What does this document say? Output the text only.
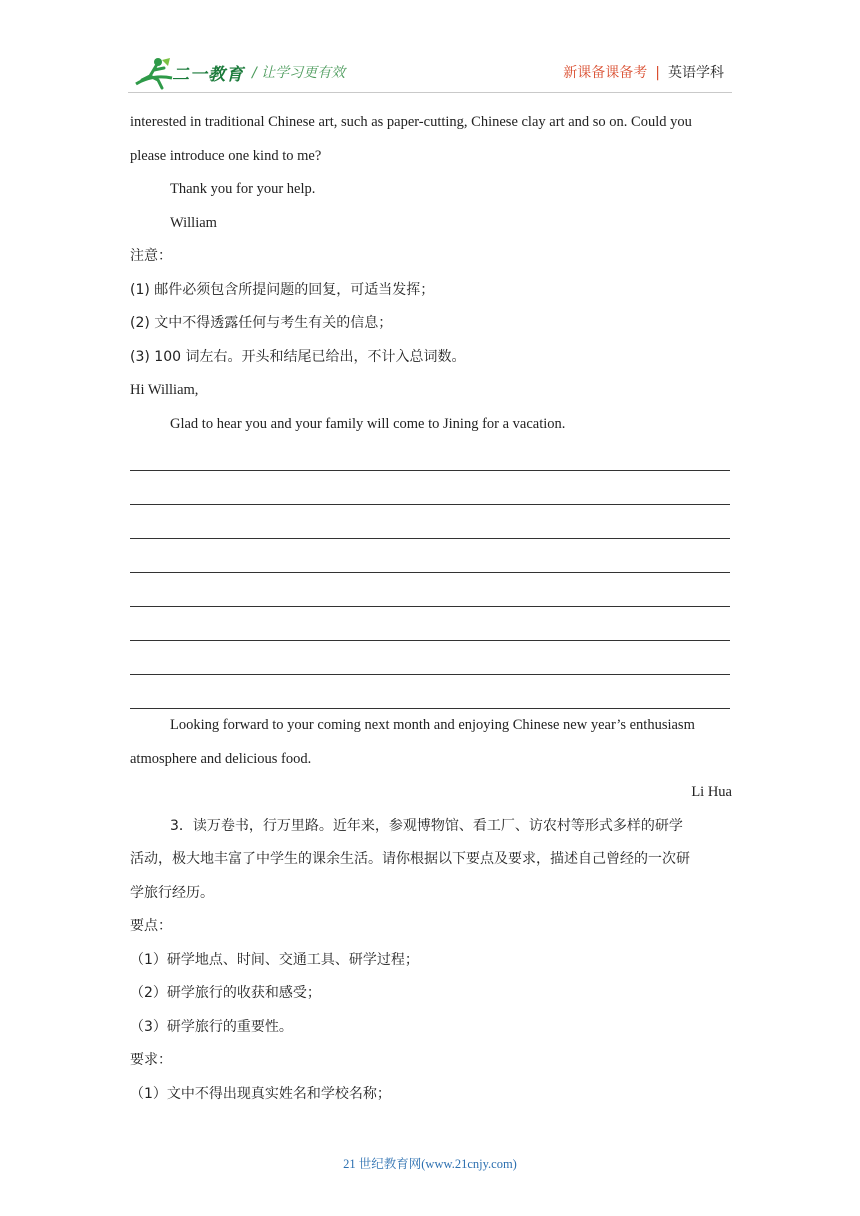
二一教育 / 让学习更有效	新课备课备考 | 英语学科
interested in traditional Chinese art, such as paper-cutting, Chinese clay art and so on. Could you
please introduce one kind to me?
Thank you for your help.
William
注意：
(1) 邮件必须包含所提问题的回复，可适当发挥；
(2) 文中不得透露任何与考生有关的信息；
(3) 100 词左右。开头和结尾已给出，不计入总词数。
Hi William,
Glad to hear you and your family will come to Jining for a vacation.
Looking forward to your coming next month and enjoying Chinese new year’s enthusiasm
atmosphere and delicious food.
Li Hua
3．读万卷书，行万里路。近年来，参观博物馆、看工厂、访农村等形式多样的研学
活动，极大地丰富了中学生的课余生活。请你根据以下要点及要求，描述自己曾经的一次研
学旅行经历。
要点：
（1）研学地点、时间、交通工具、研学过程；
（2）研学旅行的收获和感受；
（3）研学旅行的重要性。
要求：
（1）文中不得出现真实姓名和学校名称；
21 世纪教育网(www.21cnjy.com)
